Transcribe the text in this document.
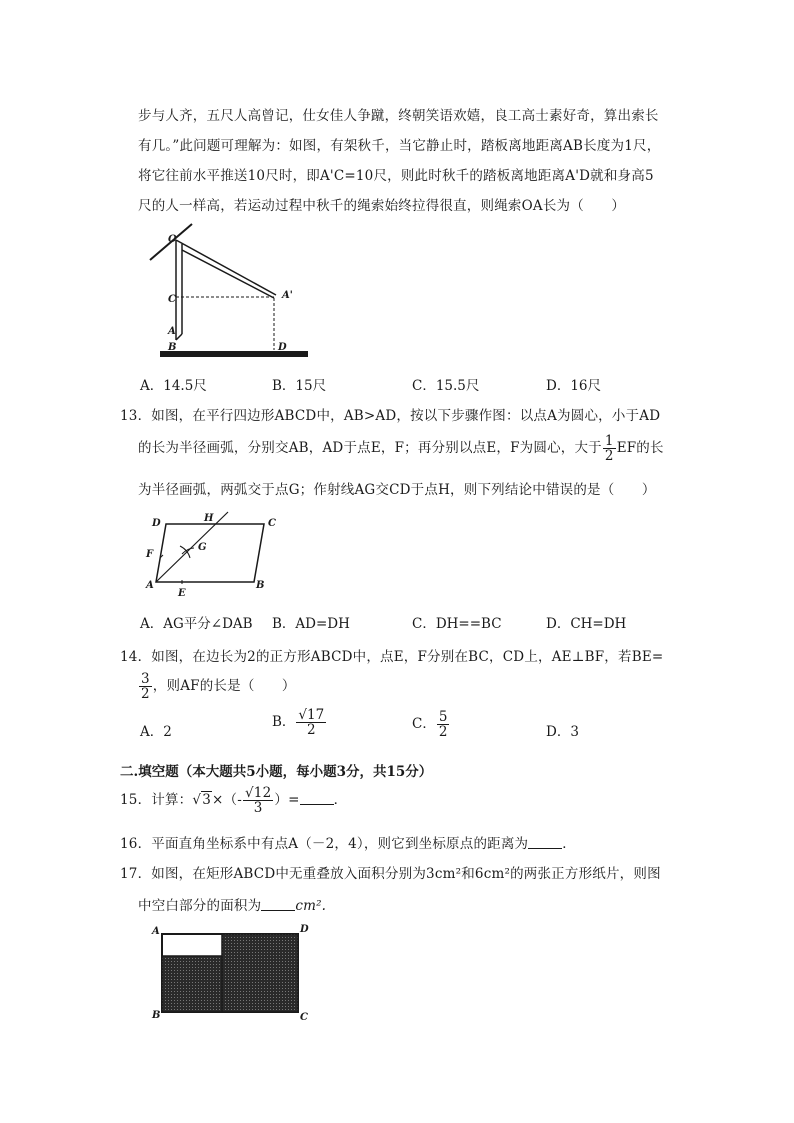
步与人齐，五尺人高曾记，仕女佳人争蹴，终朝笑语欢嬉，良工高士素好奇，算出索长
有几。”此问题可理解为：如图，有架秋千，当它静止时，踏板离地距离AB长度为1尺，
将它往前水平推送10尺时，即A'C=10尺，则此时秋千的踏板离地距离A'D就和身高5
尺的人一样高，若运动过程中秋千的绳索始终拉得很直，则绳索OA长为（　　）
O
C
A
B	D
A'
A．14.5尺	B．15尺	C．15.5尺	D．16尺
13．如图，在平行四边形ABCD中，AB>AD，按以下步骤作图：以点A为圆心，小于AD
的长为半径画弧，分别交AB，AD于点E，F；再分别以点E，F为圆心，大于 $\frac{1}{2}$ EF的长
为半径画弧，两弧交于点G；作射线AG交CD于点H，则下列结论中错误的是（　　）
D	H	C
F
G
A
E
B
A．AG平分∠DAB B．AD=DH	C．DH==BC	D．CH=DH
14．如图，在边长为2的正方形ABCD中，点E，F分别在BC，CD上，AE⊥BF，若BE=
$\frac{3}{2}$ ，则AF的长是（　　）
A．2
B． $\frac{√17}{2}$	C． $\frac{5}{2}$	D．3
二.填空题（本大题共5小题，每小题3分，共15分）
15．计算：$√3\times(- \frac{√12}{3}$ ）=	．
16．平面直角坐标系中有点A（－2，4），则它到坐标原点的距离为	．
17．如图，在矩形ABCD中无重叠放入面积分别为3cm²和6cm²的两张正方形纸片，则图
中空白部分的面积为	cm².
A	D
B	C
